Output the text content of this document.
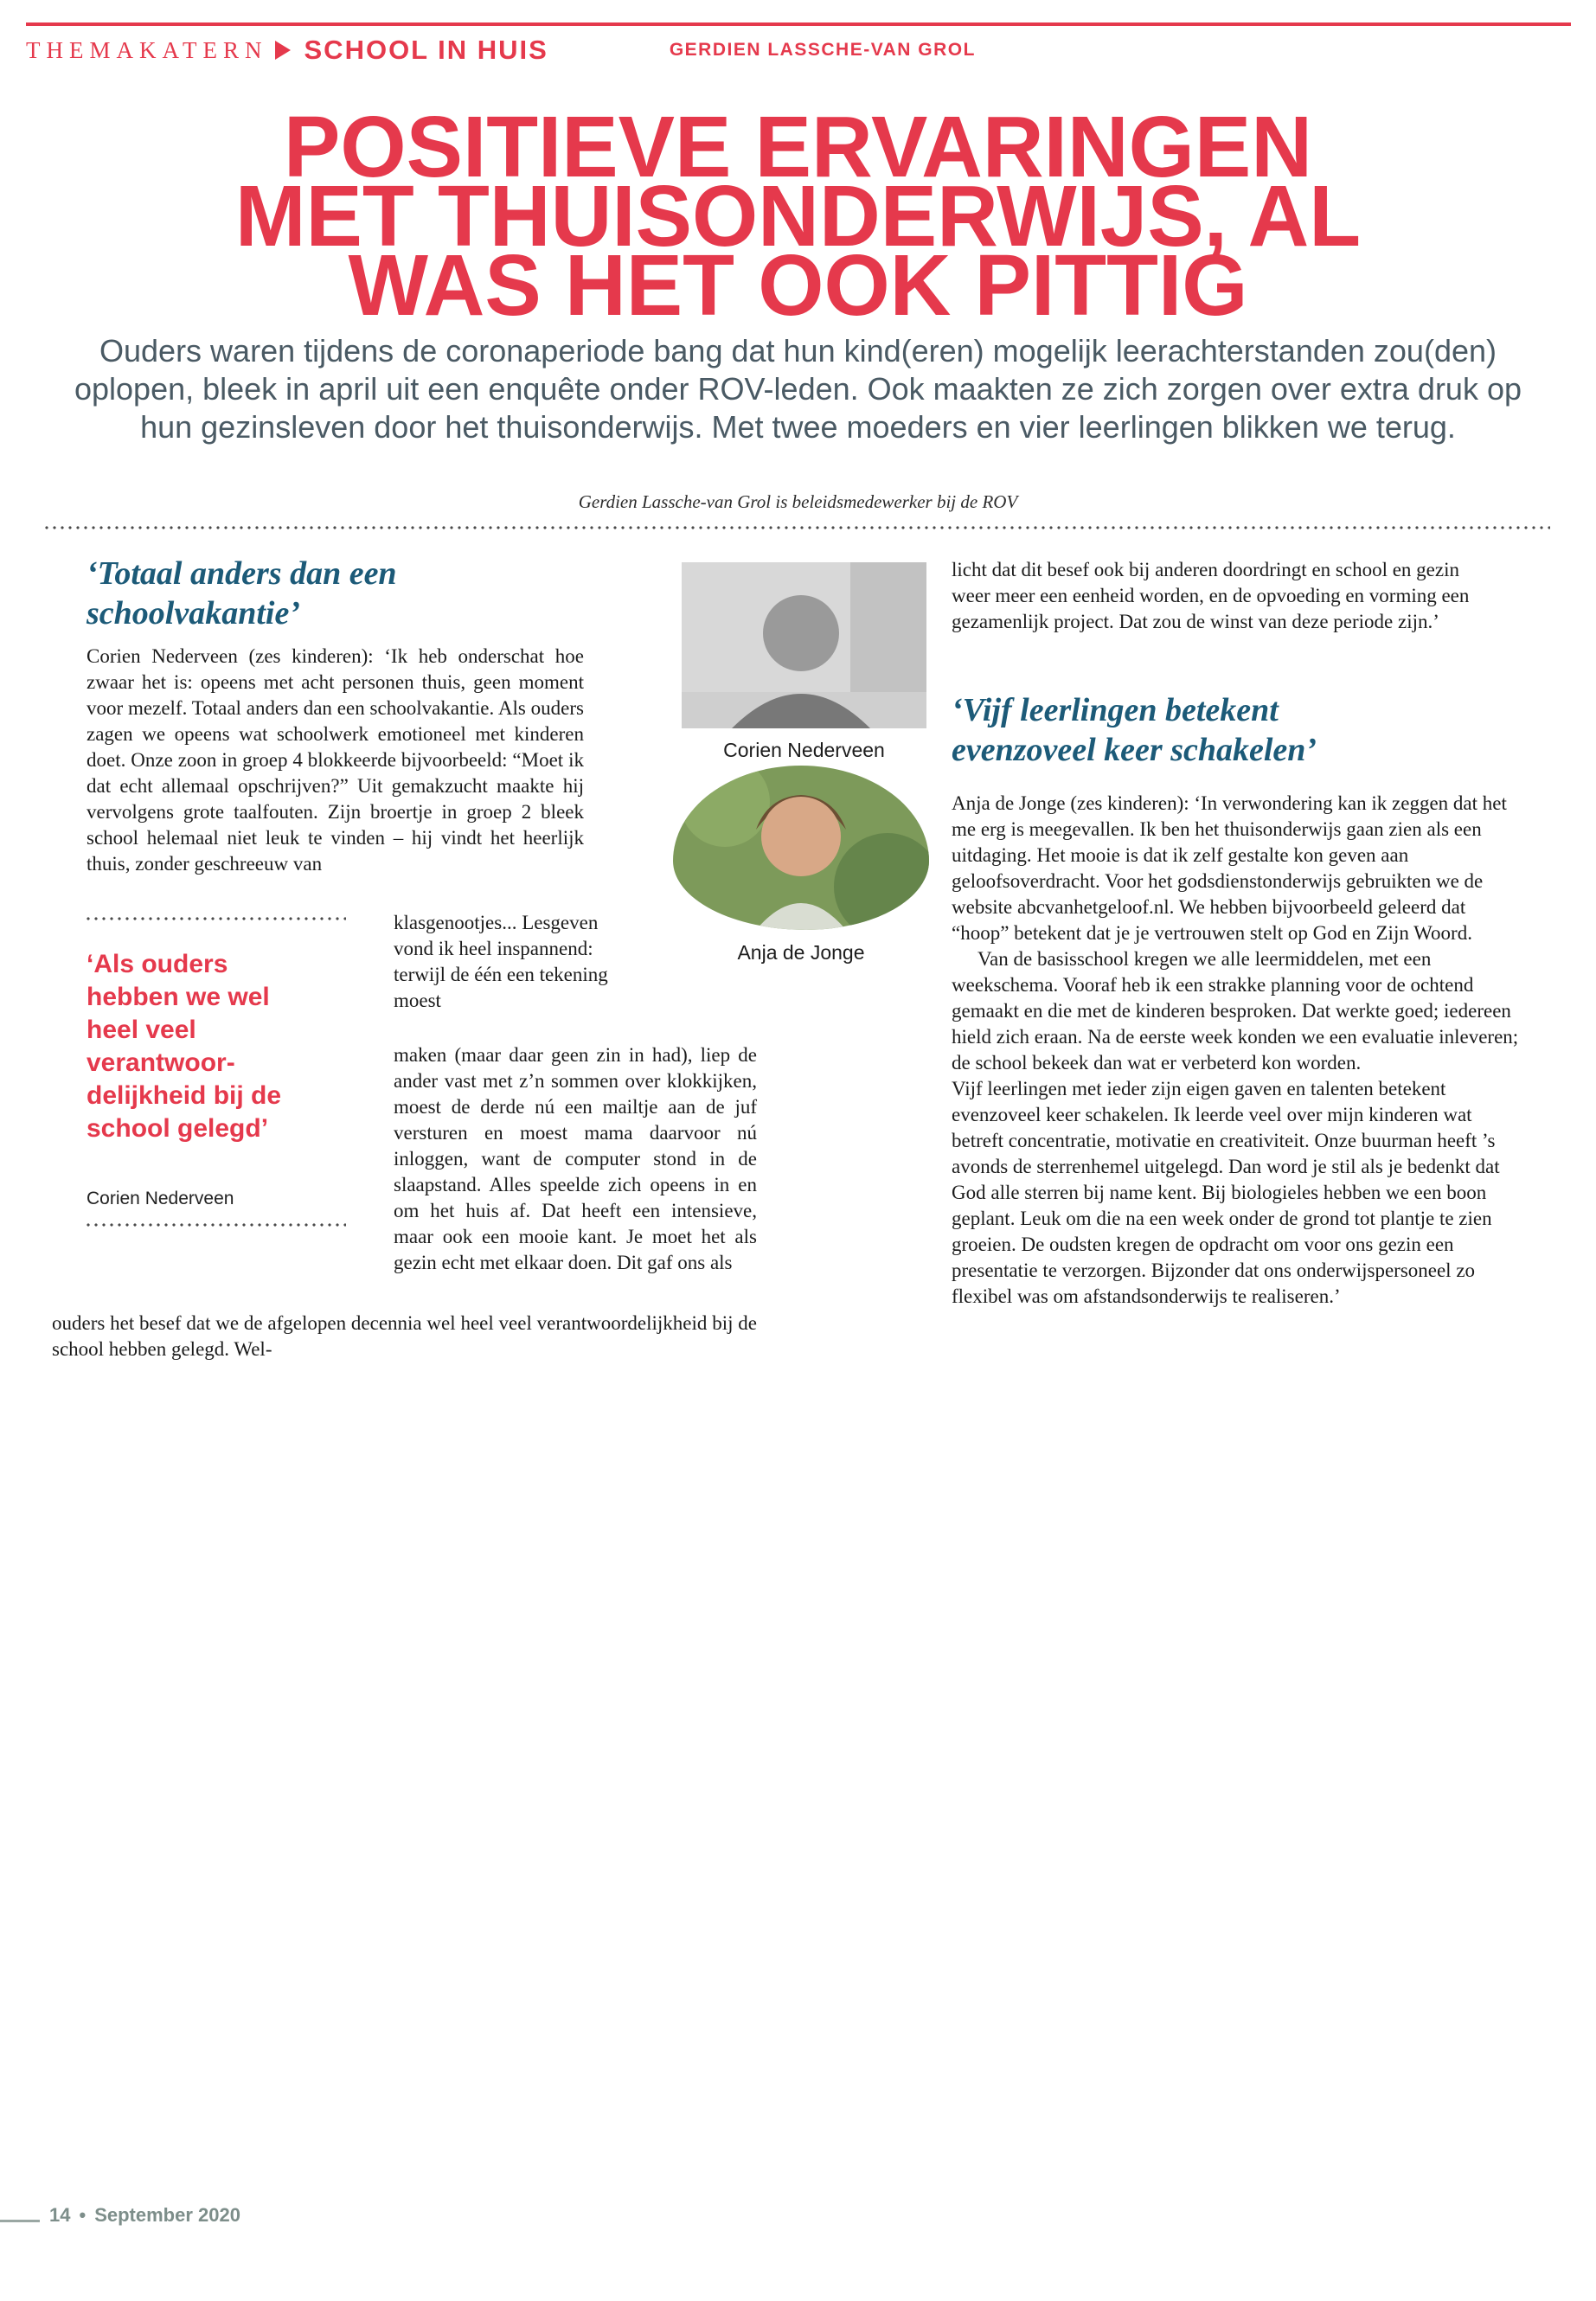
THEMAKATERN SCHOOL IN HUIS	GERDIEN LASSCHE-VAN GROL
POSITIEVE ERVARINGEN
MET THUISONDERWIJS, AL
WAS HET OOK PITTIG

Ouders waren tijdens de coronaperiode bang dat hun kind(eren) mogelijk leerachterstanden zou(den) oplopen, bleek in april uit een enquête onder ROV-leden. Ook maakten ze zich zorgen over extra druk op hun gezinsleven door het thuisonderwijs. Met twee moeders en vier leerlingen blikken we terug.

Gerdien Lassche-van Grol is beleidsmedewerker bij de ROV

‘Totaal anders dan een schoolvakantie’
Corien Nederveen (zes kinderen): ‘Ik heb onderschat hoe zwaar het is: opeens met acht personen thuis, geen moment voor mezelf. Totaal anders dan een schoolvakantie. Als ouders zagen we opeens wat schoolwerk emotioneel met kinderen doet. Onze zoon in groep 4 blokkeerde bijvoorbeeld: “Moet ik dat echt allemaal opschrijven?” Uit gemakzucht maakte hij vervolgens grote taalfouten. Zijn broertje in groep 2 bleek school helemaal niet leuk te vinden – hij vindt het heerlijk thuis, zonder geschreeuw van
klasgenootjes... Lesgeven vond ik heel inspannend: terwijl de één een tekening moest
maken (maar daar geen zin in had), liep de ander vast met z’n sommen over klokkijken, moest de derde nú een mailtje aan de juf versturen en moest mama daarvoor nú inloggen, want de computer stond in de slaapstand. Alles speelde zich opeens in en om het huis af. Dat heeft een intensieve, maar ook een mooie kant. Je moet het als gezin echt met elkaar doen. Dit gaf ons als
ouders het besef dat we de afgelopen decennia wel heel veel verantwoordelijkheid bij de school hebben gelegd. Wel-
‘Als ouders hebben we wel heel veel verantwoordelijkheid bij de school gelegd’
Corien Nederveen
Corien Nederveen
Anja de Jonge
licht dat dit besef ook bij anderen doordringt en school en gezin weer meer een eenheid worden, en de opvoeding en vorming een gezamenlijk project. Dat zou de winst van deze periode zijn.’
‘Vijf leerlingen betekent evenzoveel keer schakelen’

Anja de Jonge (zes kinderen): ‘In verwondering kan ik zeggen dat het me erg is meegevallen. Ik ben het thuisonderwijs gaan zien als een uitdaging. Het mooie is dat ik zelf gestalte kon geven aan geloofsoverdracht. Voor het godsdienstonderwijs gebruikten we de website abcvanhetgeloof.nl. We hebben bijvoorbeeld geleerd dat “hoop” betekent dat je je vertrouwen stelt op God en Zijn Woord.

Van de basisschool kregen we alle leermiddelen, met een weekschema. Vooraf heb ik een strakke planning voor de ochtend gemaakt en die met de kinderen besproken. Dat werkte goed; iedereen hield zich eraan. Na de eerste week konden we een evaluatie inleveren; de school bekeek dan wat er verbeterd kon worden.

Vijf leerlingen met ieder zijn eigen gaven en talenten betekent evenzoveel keer schakelen. Ik leerde veel over mijn kinderen wat betreft concentratie, motivatie en creativiteit. Onze buurman heeft ’s avonds de sterrenhemel uitgelegd. Dan word je stil als je bedenkt dat God alle sterren bij name kent. Bij biologieles hebben we een boon geplant. Leuk om die na een week onder de grond tot plantje te zien groeien. De oudsten kregen de opdracht om voor ons gezin een presentatie te verzorgen. Bijzonder dat ons onderwijspersoneel zo flexibel was om afstandsonderwijs te realiseren.’

14 • September 2020
